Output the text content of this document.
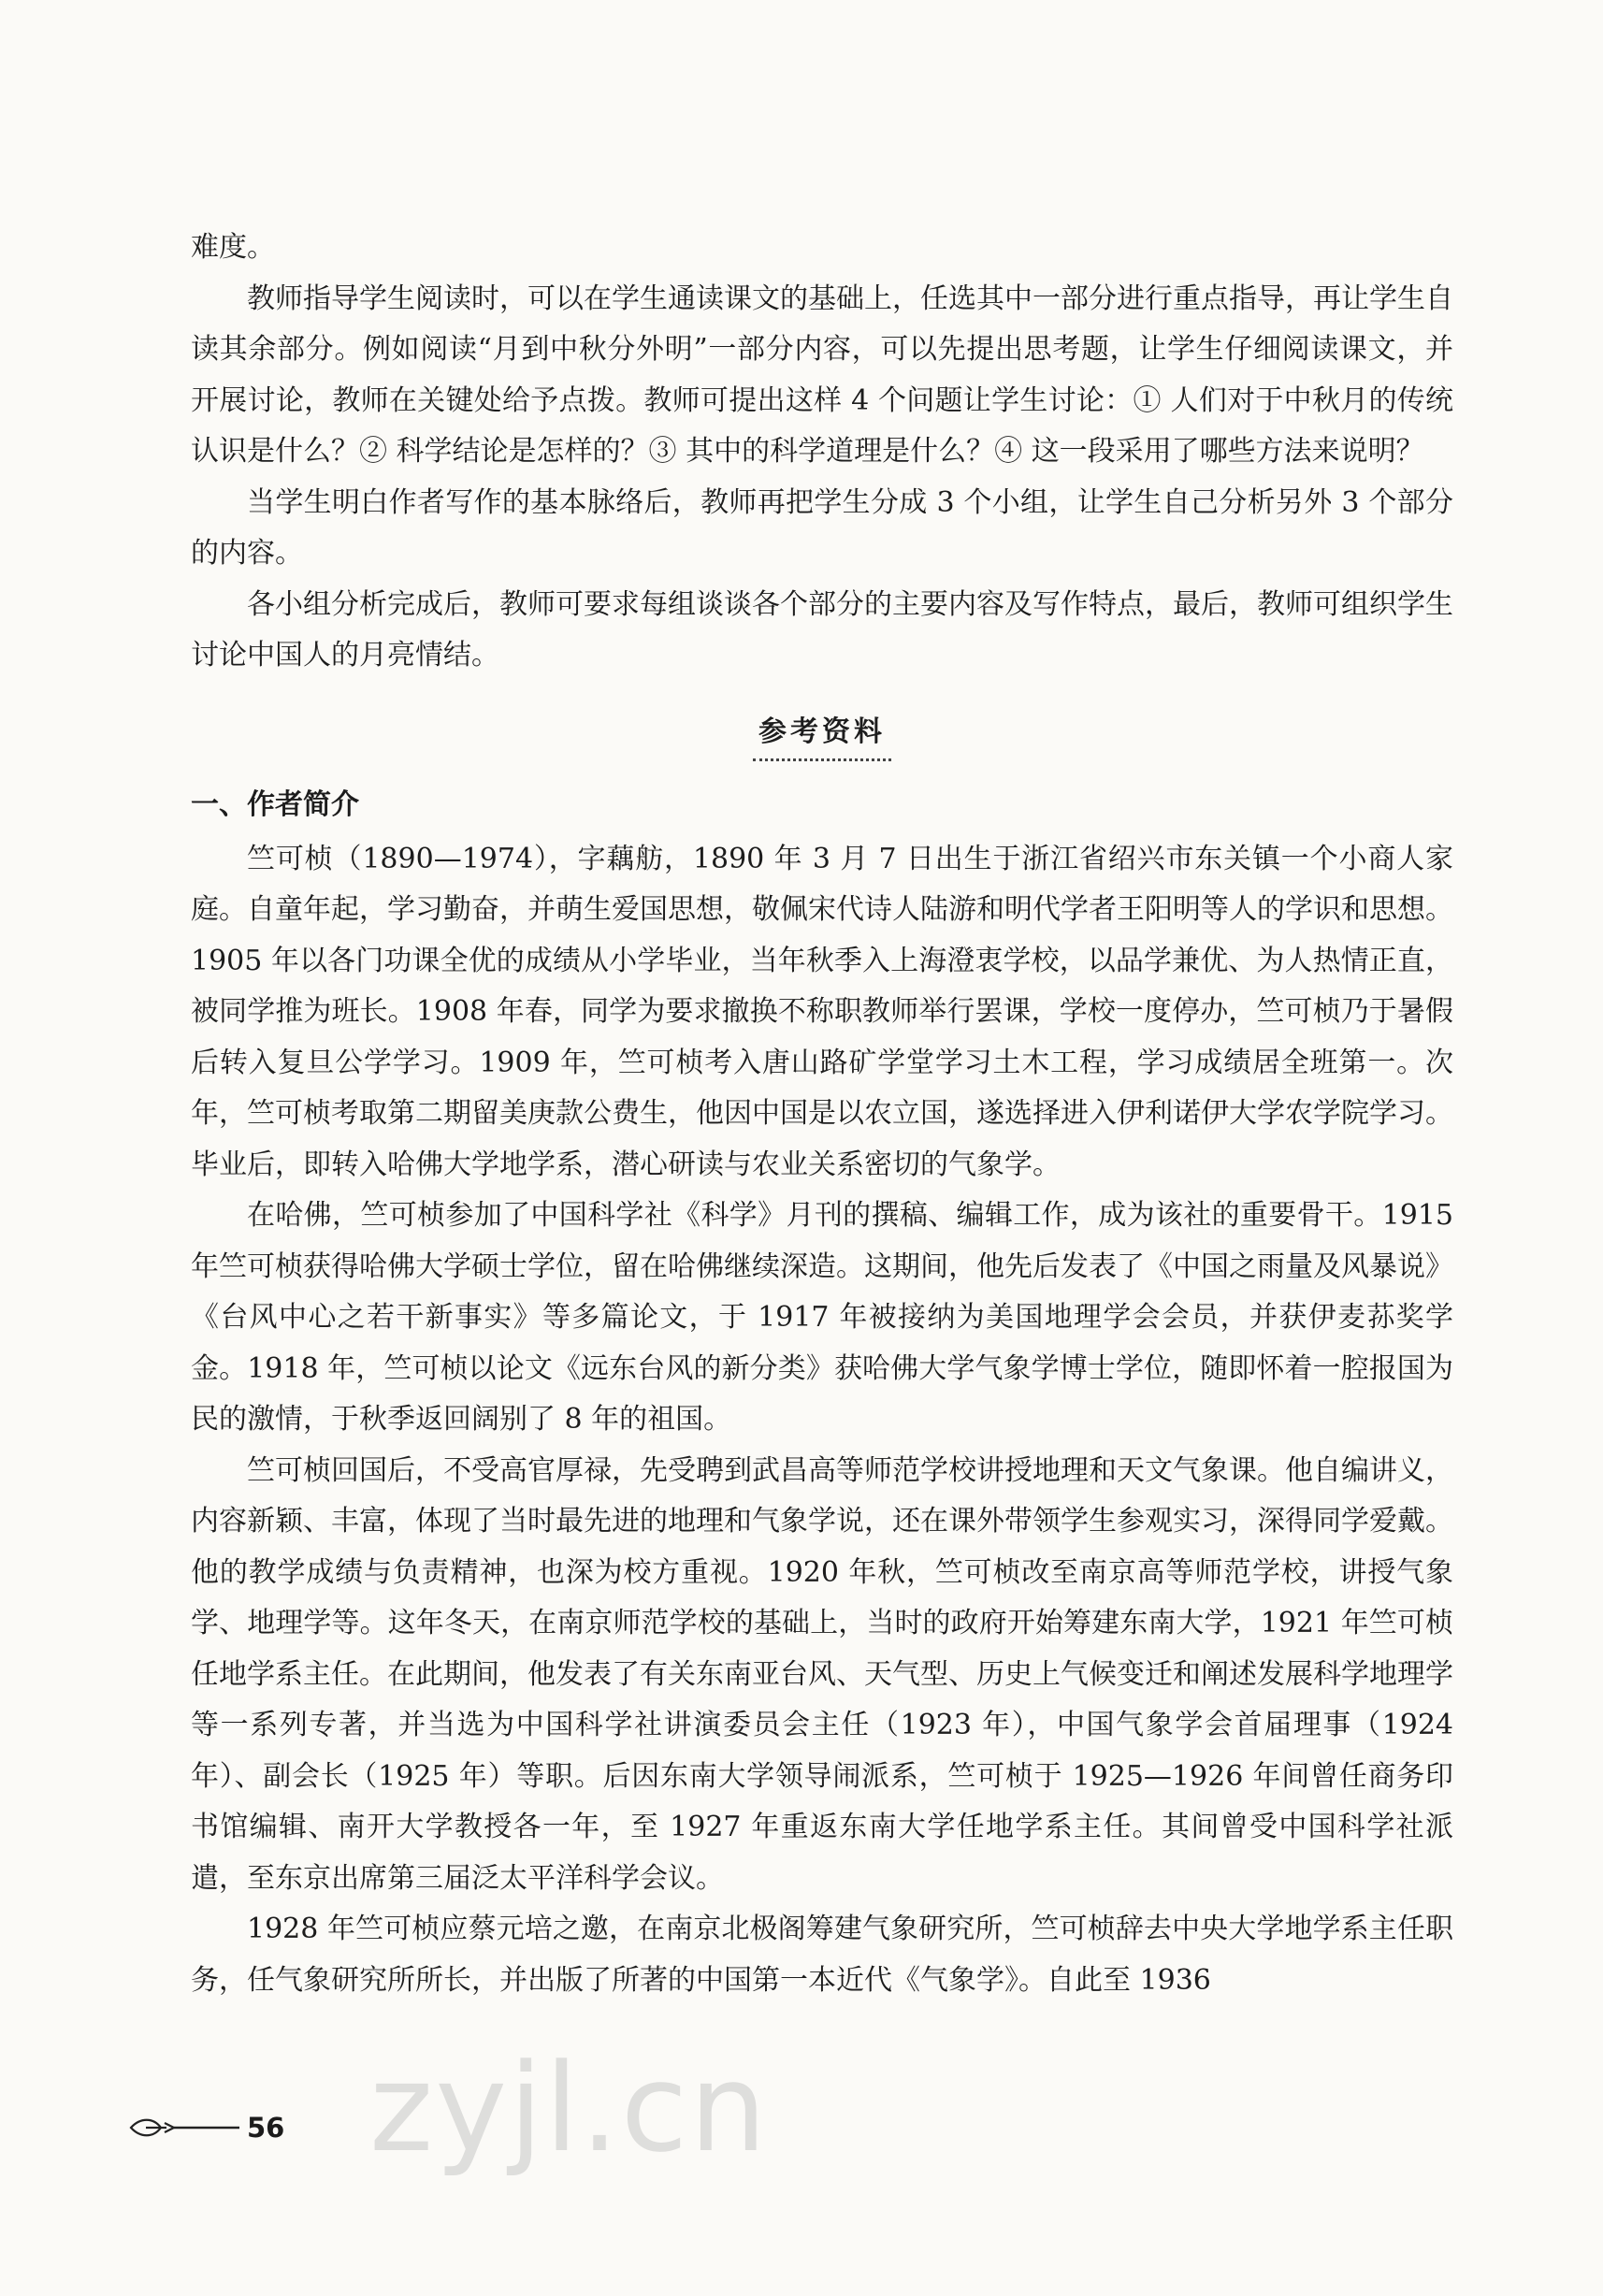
难度。

教师指导学生阅读时，可以在学生通读课文的基础上，任选其中一部分进行重点指导，再让学生自读其余部分。例如阅读“月到中秋分外明”一部分内容，可以先提出思考题，让学生仔细阅读课文，并开展讨论，教师在关键处给予点拨。教师可提出这样 4 个问题让学生讨论：① 人们对于中秋月的传统认识是什么？② 科学结论是怎样的？③ 其中的科学道理是什么？④ 这一段采用了哪些方法来说明？

当学生明白作者写作的基本脉络后，教师再把学生分成 3 个小组，让学生自己分析另外 3 个部分的内容。

各小组分析完成后，教师可要求每组谈谈各个部分的主要内容及写作特点，最后，教师可组织学生讨论中国人的月亮情结。

参考资料
一、作者简介

竺可桢（1890—1974），字藕舫，1890 年 3 月 7 日出生于浙江省绍兴市东关镇一个小商人家庭。自童年起，学习勤奋，并萌生爱国思想，敬佩宋代诗人陆游和明代学者王阳明等人的学识和思想。1905 年以各门功课全优的成绩从小学毕业，当年秋季入上海澄衷学校，以品学兼优、为人热情正直，被同学推为班长。1908 年春，同学为要求撤换不称职教师举行罢课，学校一度停办，竺可桢乃于暑假后转入复旦公学学习。1909 年，竺可桢考入唐山路矿学堂学习土木工程，学习成绩居全班第一。次年，竺可桢考取第二期留美庚款公费生，他因中国是以农立国，遂选择进入伊利诺伊大学农学院学习。毕业后，即转入哈佛大学地学系，潜心研读与农业关系密切的气象学。

在哈佛，竺可桢参加了中国科学社《科学》月刊的撰稿、编辑工作，成为该社的重要骨干。1915 年竺可桢获得哈佛大学硕士学位，留在哈佛继续深造。这期间，他先后发表了《中国之雨量及风暴说》《台风中心之若干新事实》等多篇论文，于 1917 年被接纳为美国地理学会会员，并获伊麦荪奖学金。1918 年，竺可桢以论文《远东台风的新分类》获哈佛大学气象学博士学位，随即怀着一腔报国为民的激情，于秋季返回阔别了 8 年的祖国。

竺可桢回国后，不受高官厚禄，先受聘到武昌高等师范学校讲授地理和天文气象课。他自编讲义，内容新颖、丰富，体现了当时最先进的地理和气象学说，还在课外带领学生参观实习，深得同学爱戴。他的教学成绩与负责精神，也深为校方重视。1920 年秋，竺可桢改至南京高等师范学校，讲授气象学、地理学等。这年冬天，在南京师范学校的基础上，当时的政府开始筹建东南大学，1921 年竺可桢任地学系主任。在此期间，他发表了有关东南亚台风、天气型、历史上气候变迁和阐述发展科学地理学等一系列专著，并当选为中国科学社讲演委员会主任（1923 年），中国气象学会首届理事（1924 年）、副会长（1925 年）等职。后因东南大学领导闹派系，竺可桢于 1925—1926 年间曾任商务印书馆编辑、南开大学教授各一年，至 1927 年重返东南大学任地学系主任。其间曾受中国科学社派遣，至东京出席第三届泛太平洋科学会议。

1928 年竺可桢应蔡元培之邀，在南京北极阁筹建气象研究所，竺可桢辞去中央大学地学系主任职务，任气象研究所所长，并出版了所著的中国第一本近代《气象学》。自此至 1936

56 zyjl.cn
